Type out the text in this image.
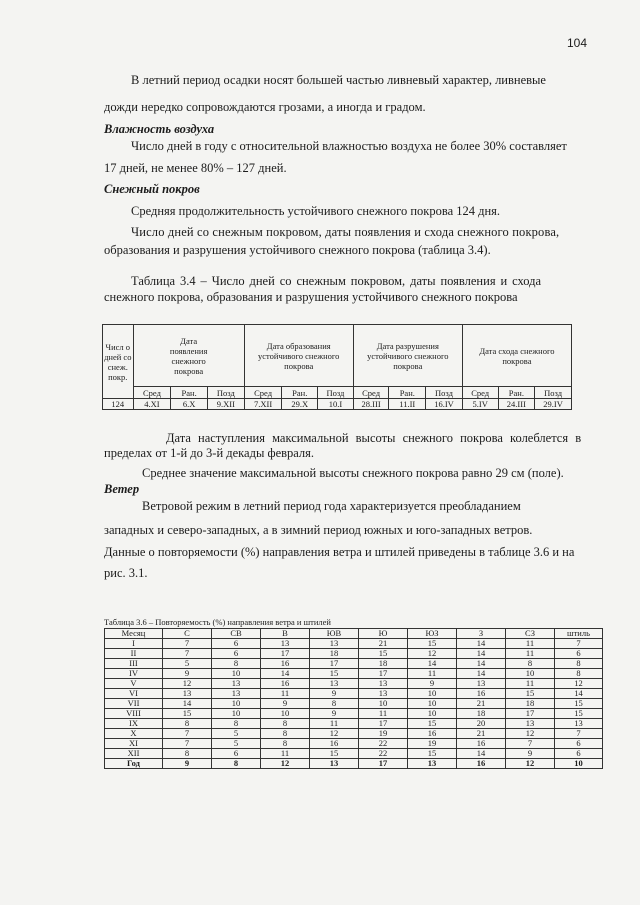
104
В летний период осадки носят большей частью ливневый характер, ливневые
дожди нередко сопровождаются грозами, а иногда и градом.
Влажность воздуха
Число дней в году с относительной влажностью воздуха не более 30% составляет
17 дней, не менее 80% – 127 дней.
Снежный покров
Средняя продолжительность устойчивого снежного покрова 124 дня.
Число дней со снежным покровом, даты появления и схода снежного покрова,
образования и разрушения устойчивого снежного покрова (таблица 3.4).
Таблица 3.4 – Число дней со снежным покровом, даты появления и схода
снежного покрова, образования и разрушения устойчивого снежного покрова
Числ о дней со снеж. покр.	Дата появления снежного покрова			Дата образования устойчивого снежного покрова			Дата разрушения устойчивого снежного покрова			Дата схода снежного покрова		
	Сред	Ран.	Позд	Сред	Ран.	Позд	Сред	Ран.	Позд	Сред	Ран.	Позд
124	4.XI	6.X	9.XII	7.XII	29.X	10.I	28.III	11.II	16.IV	5.IV	24.III	29.IV
Дата наступления максимальной высоты снежного покрова колеблется в
пределах от 1-й до 3-й декады февраля.
Среднее значение максимальной высоты снежного покрова равно 29 см (поле).
Ветер
Ветровой режим в летний период года характеризуется преобладанием
западных и северо-западных, а в зимний период южных и юго-западных ветров.
Данные о повторяемости (%) направления ветра и штилей приведены в таблице 3.6 и на
рис. 3.1.
Таблица 3.6 – Повторяемость (%) направления ветра и штилей
Месяц	С	СВ	В	ЮВ	Ю	ЮЗ	З	СЗ	штиль
I	7	6	13	13	21	15	14	11	7
II	7	6	17	18	15	12	14	11	6
III	5	8	16	17	18	14	14	8	8
IV	9	10	14	15	17	11	14	10	8
V	12	13	16	13	13	9	13	11	12
VI	13	13	11	9	13	10	16	15	14
VII	14	10	9	8	10	10	21	18	15
VIII	15	10	10	9	11	10	18	17	15
IX	8	8	8	11	17	15	20	13	13
X	7	5	8	12	19	16	21	12	7
XI	7	5	8	16	22	19	16	7	6
XII	8	6	11	15	22	15	14	9	6
Год	9	8	12	13	17	13	16	12	10
